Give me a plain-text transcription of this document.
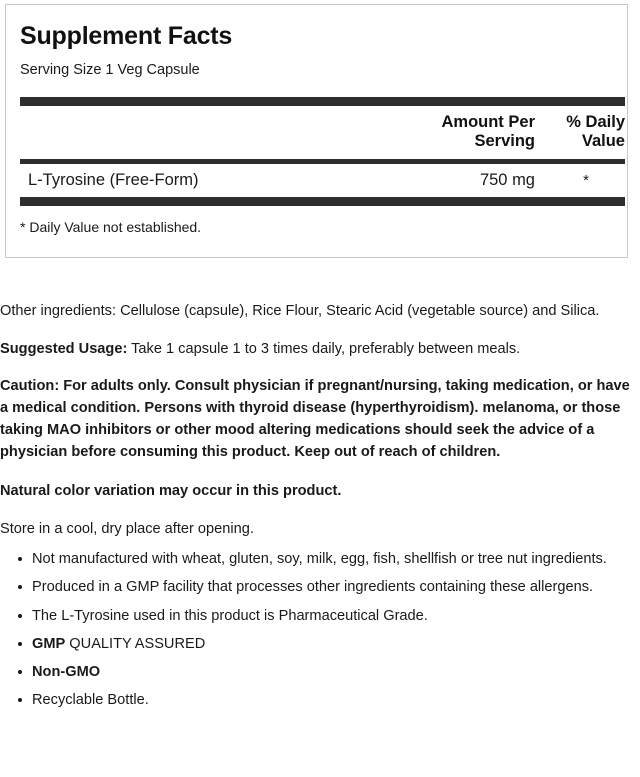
Supplement Facts
Serving Size 1 Veg Capsule
Amount Per
Serving
% Daily
Value
L-Tyrosine (Free-Form)	750 mg	*
* Daily Value not established.

Other ingredients: Cellulose (capsule), Rice Flour, Stearic Acid (vegetable source) and Silica.

Suggested Usage: Take 1 capsule 1 to 3 times daily, preferably between meals.

Caution: For adults only. Consult physician if pregnant/nursing, taking medication, or have a medical condition. Persons with thyroid disease (hyperthyroidism). melanoma, or those taking MAO inhibitors or other mood altering medications should seek the advice of a physician before consuming this product. Keep out of reach of children.

Natural color variation may occur in this product.

Store in a cool, dry place after opening.

Not manufactured with wheat, gluten, soy, milk, egg, fish, shellfish or tree nut ingredients.
Produced in a GMP facility that processes other ingredients containing these allergens.
The L-Tyrosine used in this product is Pharmaceutical Grade.
GMP QUALITY ASSURED
Non-GMO
Recyclable Bottle.
